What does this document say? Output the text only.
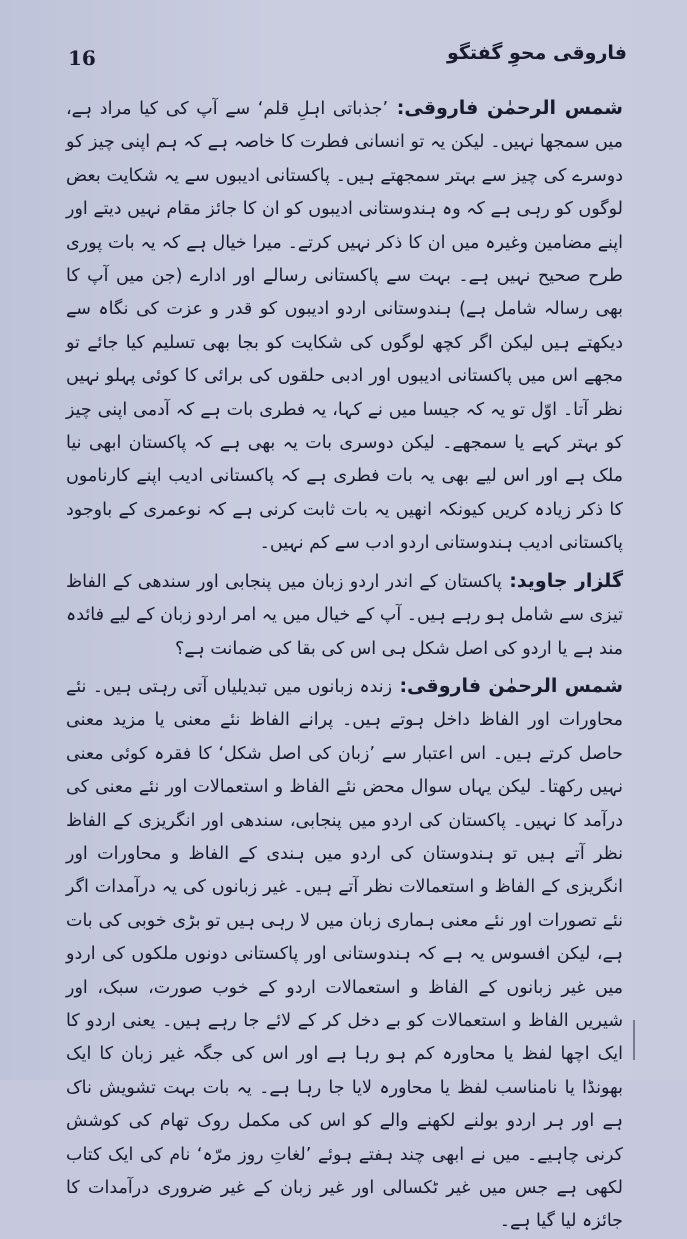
16	فاروقی محوِ گفتگو

شمس الرحمٰن فاروقی:’جذباتی اہلِ قلم‘ سے آپ کی کیا مراد ہے، میں سمجھا نہیں۔ لیکن یہ تو انسانی فطرت کا خاصہ ہے کہ ہم اپنی چیز کو دوسرے کی چیز سے بہتر سمجھتے ہیں۔ پاکستانی ادیبوں سے یہ شکایت بعض لوگوں کو رہی ہے کہ وہ ہندوستانی ادیبوں کو ان کا جائز مقام نہیں دیتے اور اپنے مضامین وغیرہ میں ان کا ذکر نہیں کرتے۔ میرا خیال ہے کہ یہ بات پوری طرح صحیح نہیں ہے۔ بہت سے پاکستانی رسالے اور ادارے (جن میں آپ کا بھی رسالہ شامل ہے) ہندوستانی اردو ادیبوں کو قدر و عزت کی نگاہ سے دیکھتے ہیں لیکن اگر کچھ لوگوں کی شکایت کو بجا بھی تسلیم کیا جائے تو مجھے اس میں پاکستانی ادیبوں اور ادبی حلقوں کی برائی کا کوئی پہلو نہیں نظر آتا۔ اوّل تو یہ کہ جیسا میں نے کہا، یہ فطری بات ہے کہ آدمی اپنی چیز کو بہتر کہے یا سمجھے۔ لیکن دوسری بات یہ بھی ہے کہ پاکستان ابھی نیا ملک ہے اور اس لیے بھی یہ بات فطری ہے کہ پاکستانی ادیب اپنے کارناموں کا ذکر زیادہ کریں کیونکہ انھیں یہ بات ثابت کرنی ہے کہ نوعمری کے باوجود پاکستانی ادیب ہندوستانی اردو ادب سے کم نہیں۔

گلزار جاوید:پاکستان کے اندر اردو زبان میں پنجابی اور سندھی کے الفاظ تیزی سے شامل ہو رہے ہیں۔ آپ کے خیال میں یہ امر اردو زبان کے لیے فائدہ مند ہے یا اردو کی اصل شکل ہی اس کی بقا کی ضمانت ہے؟

شمس الرحمٰن فاروقی:زندہ زبانوں میں تبدیلیاں آتی رہتی ہیں۔ نئے محاورات اور الفاظ داخل ہوتے ہیں۔ پرانے الفاظ نئے معنی یا مزید معنی حاصل کرتے ہیں۔ اس اعتبار سے ’زبان کی اصل شکل‘ کا فقرہ کوئی معنی نہیں رکھتا۔ لیکن یہاں سوال محض نئے الفاظ و استعمالات اور نئے معنی کی درآمد کا نہیں۔ پاکستان کی اردو میں پنجابی، سندھی اور انگریزی کے الفاظ نظر آتے ہیں تو ہندوستان کی اردو میں ہندی کے الفاظ و محاورات اور انگریزی کے الفاظ و استعمالات نظر آتے ہیں۔ غیر زبانوں کی یہ درآمدات اگر نئے تصورات اور نئے معنی ہماری زبان میں لا رہی ہیں تو بڑی خوبی کی بات ہے، لیکن افسوس یہ ہے کہ ہندوستانی اور پاکستانی دونوں ملکوں کی اردو میں غیر زبانوں کے الفاظ و استعمالات اردو کے خوب صورت، سبک، اور شیریں الفاظ و استعمالات کو بے دخل کر کے لائے جا رہے ہیں۔ یعنی اردو کا ایک اچھا لفظ یا محاورہ کم ہو رہا ہے اور اس کی جگہ غیر زبان کا ایک بھونڈا یا نامناسب لفظ یا محاورہ لایا جا رہا ہے۔ یہ بات بہت تشویش ناک ہے اور ہر اردو بولنے لکھنے والے کو اس کی مکمل روک تھام کی کوشش کرنی چاہیے۔ میں نے ابھی چند ہفتے ہوئے ’لغاتِ روز مرّہ‘ نام کی ایک کتاب لکھی ہے جس میں غیر ٹکسالی اور غیر زبان کے غیر ضروری درآمدات کا جائزہ لیا گیا ہے۔
